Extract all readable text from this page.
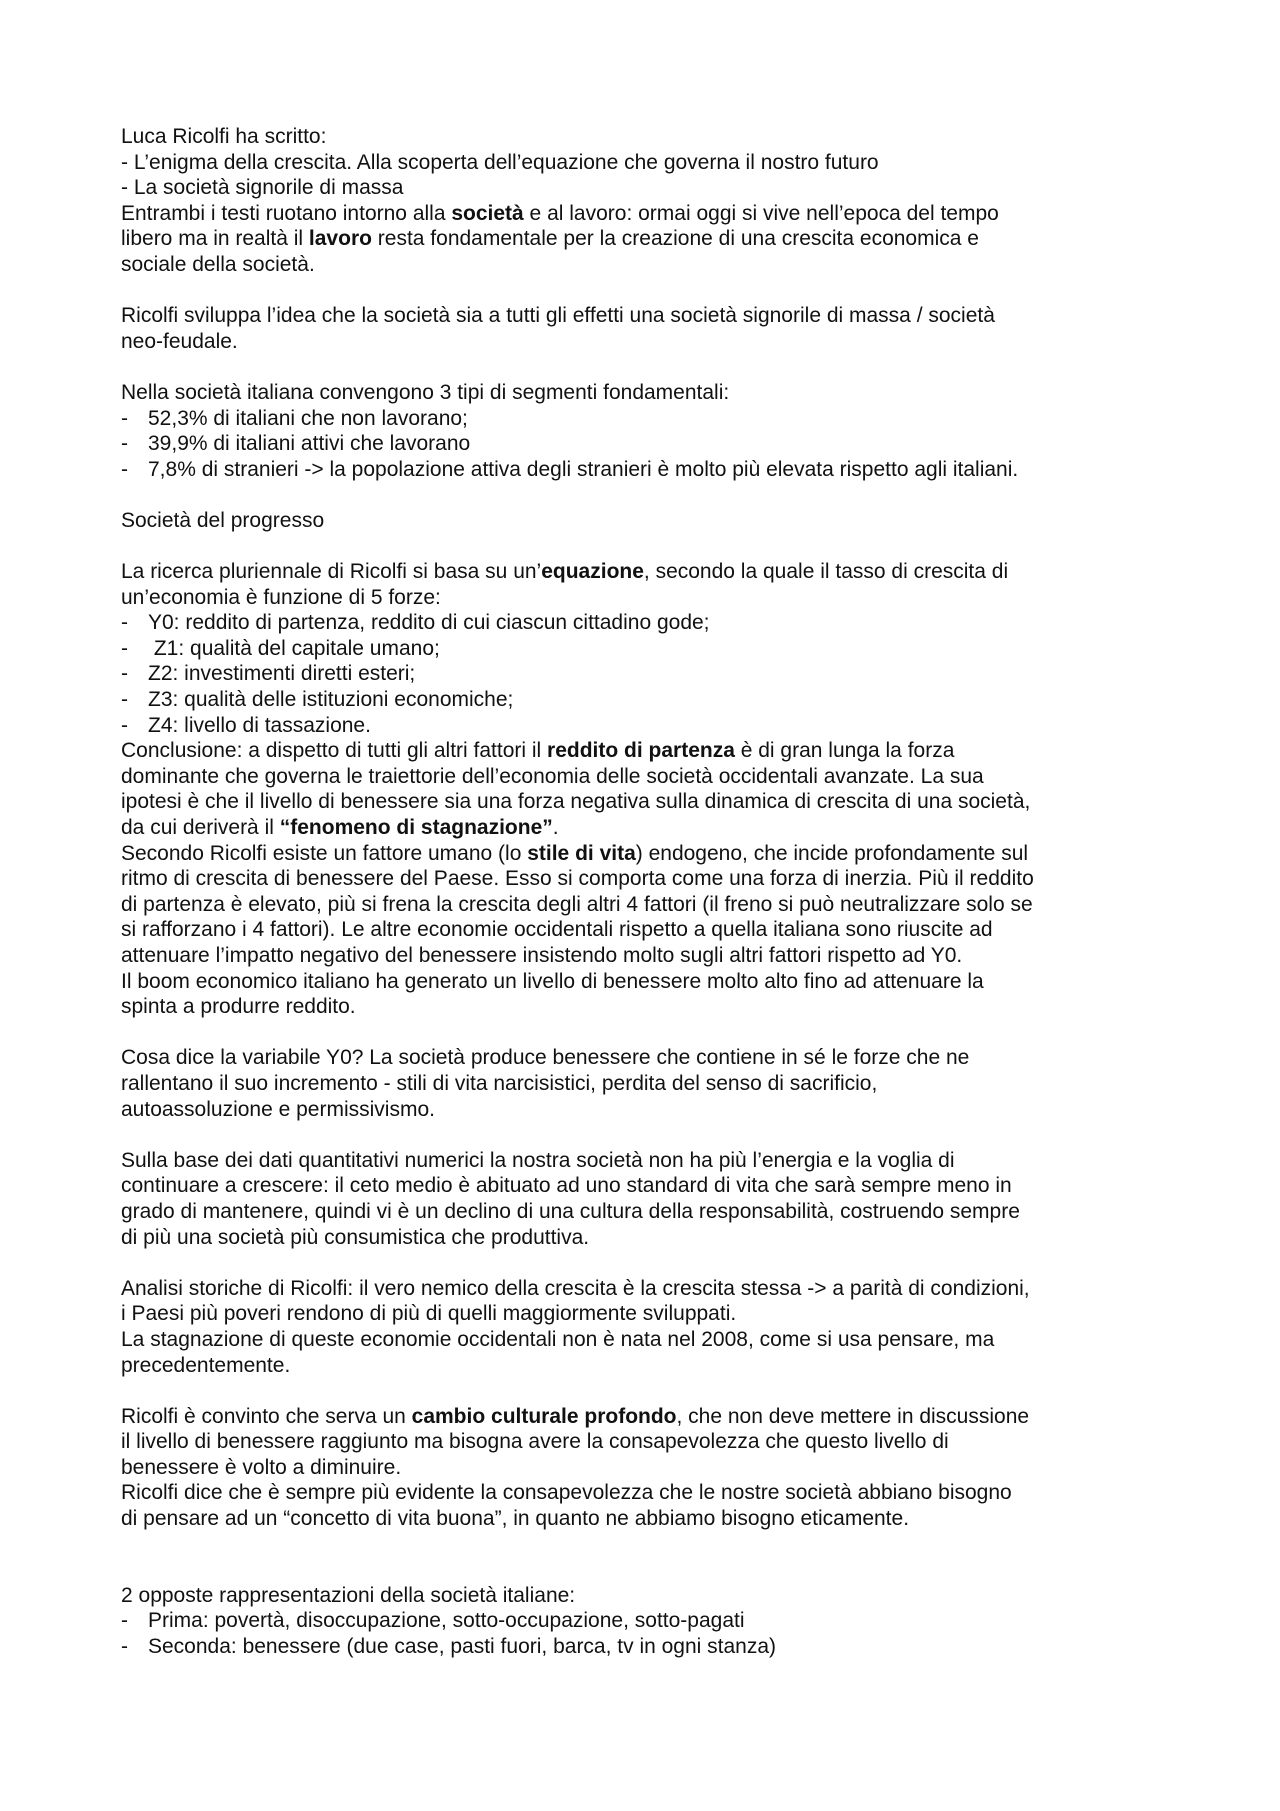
Luca Ricolfi ha scritto:
- L’enigma della crescita. Alla scoperta dell’equazione che governa il nostro futuro
- La società signorile di massa
Entrambi i testi ruotano intorno alla società e al lavoro: ormai oggi si vive nell’epoca del tempo
libero ma in realtà il lavoro resta fondamentale per la creazione di una crescita economica e
sociale della società.
Ricolfi sviluppa l’idea che la società sia a tutti gli effetti una società signorile di massa / società
neo-feudale.
Nella società italiana convengono 3 tipi di segmenti fondamentali:
- 52,3% di italiani che non lavorano;
- 39,9% di italiani attivi che lavorano
- 7,8% di stranieri -> la popolazione attiva degli stranieri è molto più elevata rispetto agli italiani.
Società del progresso
La ricerca pluriennale di Ricolfi si basa su un’equazione, secondo la quale il tasso di crescita di
un’economia è funzione di 5 forze:
- Y0: reddito di partenza, reddito di cui ciascun cittadino gode;
- Z1: qualità del capitale umano;
- Z2: investimenti diretti esteri;
- Z3: qualità delle istituzioni economiche;
- Z4: livello di tassazione.
Conclusione: a dispetto di tutti gli altri fattori il reddito di partenza è di gran lunga la forza
dominante che governa le traiettorie dell’economia delle società occidentali avanzate. La sua
ipotesi è che il livello di benessere sia una forza negativa sulla dinamica di crescita di una società,
da cui deriverà il “fenomeno di stagnazione”.
Secondo Ricolfi esiste un fattore umano (lo stile di vita) endogeno, che incide profondamente sul
ritmo di crescita di benessere del Paese. Esso si comporta come una forza di inerzia. Più il reddito
di partenza è elevato, più si frena la crescita degli altri 4 fattori (il freno si può neutralizzare solo se
si rafforzano i 4 fattori). Le altre economie occidentali rispetto a quella italiana sono riuscite ad
attenuare l’impatto negativo del benessere insistendo molto sugli altri fattori rispetto ad Y0.
Il boom economico italiano ha generato un livello di benessere molto alto fino ad attenuare la
spinta a produrre reddito.
Cosa dice la variabile Y0? La società produce benessere che contiene in sé le forze che ne
rallentano il suo incremento - stili di vita narcisistici, perdita del senso di sacrificio,
autoassoluzione e permissivismo.
Sulla base dei dati quantitativi numerici la nostra società non ha più l’energia e la voglia di
continuare a crescere: il ceto medio è abituato ad uno standard di vita che sarà sempre meno in
grado di mantenere, quindi vi è un declino di una cultura della responsabilità, costruendo sempre
di più una società più consumistica che produttiva.
Analisi storiche di Ricolfi: il vero nemico della crescita è la crescita stessa -> a parità di condizioni,
i Paesi più poveri rendono di più di quelli maggiormente sviluppati.
La stagnazione di queste economie occidentali non è nata nel 2008, come si usa pensare, ma
precedentemente.
Ricolfi è convinto che serva un cambio culturale profondo, che non deve mettere in discussione
il livello di benessere raggiunto ma bisogna avere la consapevolezza che questo livello di
benessere è volto a diminuire.
Ricolfi dice che è sempre più evidente la consapevolezza che le nostre società abbiano bisogno
di pensare ad un “concetto di vita buona”, in quanto ne abbiamo bisogno eticamente.
2 opposte rappresentazioni della società italiane:
- Prima: povertà, disoccupazione, sotto-occupazione, sotto-pagati
- Seconda: benessere (due case, pasti fuori, barca, tv in ogni stanza)
